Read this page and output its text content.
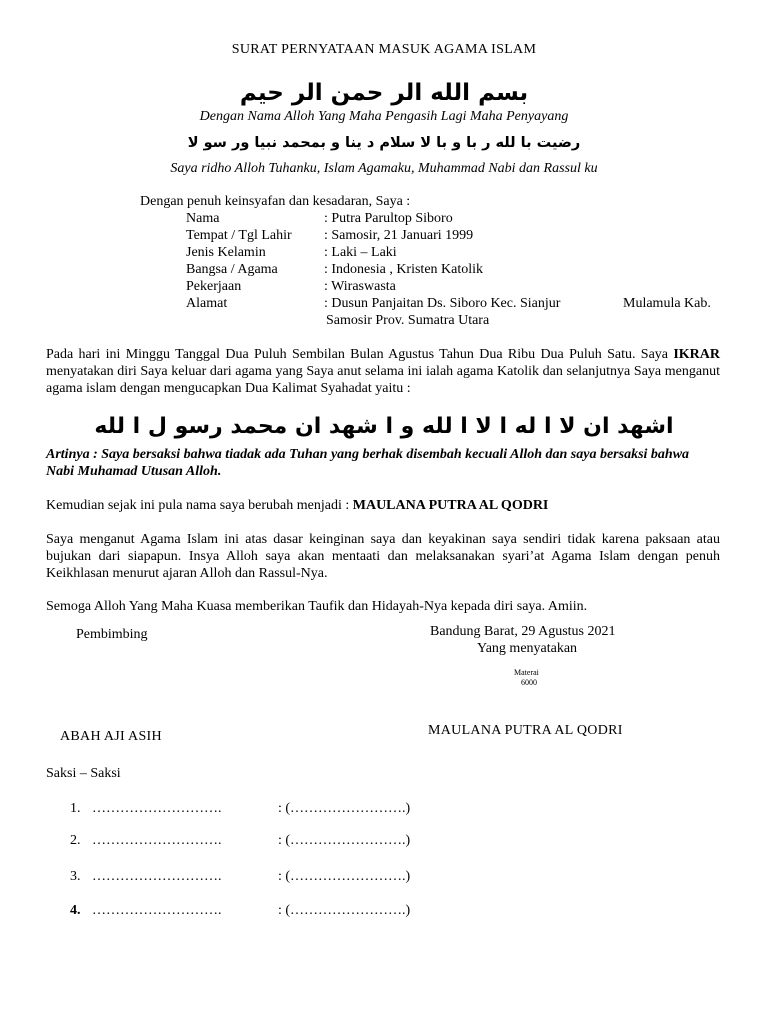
SURAT PERNYATAAN MASUK AGAMA ISLAM
بسم الله الر حمن الر حيم
Dengan Nama Alloh Yang Maha Pengasih Lagi Maha Penyayang
رضيت با لله ر با و با لا سلام د ينا و بمحمد نبيا ور سو لا
Saya ridho Alloh Tuhanku, Islam Agamaku, Muhammad Nabi dan Rassul ku
Dengan penuh keinsyafan dan kesadaran, Saya :
Nama	: Putra Parultop Siboro
Tempat / Tgl Lahir : Samosir, 21 Januari 1999
Jenis Kelamin	: Laki – Laki
Bangsa / Agama	: Indonesia , Kristen Katolik
Pekerjaan	: Wiraswasta
Alamat	: Dusun Panjaitan Ds. Siboro Kec. Sianjur	Mulamula Kab.
Samosir Prov. Sumatra Utara
Pada hari ini Minggu Tanggal Dua Puluh Sembilan Bulan Agustus Tahun Dua Ribu Dua Puluh Satu. Saya IKRAR menyatakan diri Saya keluar dari agama yang Saya anut selama ini ialah agama Katolik dan selanjutnya Saya menganut agama islam dengan mengucapkan Dua Kalimat Syahadat yaitu :
اشهد ان لا ا له ا لا ا لله و ا شهد ان محمد رسو ل ا لله
Artinya : Saya bersaksi bahwa tiadak ada Tuhan yang berhak disembah kecuali Alloh dan saya bersaksi bahwa Nabi Muhamad Utusan Alloh.
Kemudian sejak ini pula nama saya berubah menjadi : MAULANA PUTRA AL QODRI
Saya menganut Agama Islam ini atas dasar keinginan saya dan keyakinan saya sendiri tidak karena paksaan atau bujukan dari siapapun. Insya Alloh saya akan mentaati dan melaksanakan syari’at Agama Islam dengan penuh Keikhlasan menurut ajaran Alloh dan Rassul-Nya.
Semoga Alloh Yang Maha Kuasa memberikan Taufik dan Hidayah-Nya kepada diri saya. Amiin.
Pembimbing	Bandung Barat, 29 Agustus 2021
Yang menyatakan
Materai
6000
ABAH AJI ASIH	MAULANA PUTRA AL QODRI
Saksi – Saksi
1. ……………………….	: (…………………….)
2. ……………………….	: (…………………….)
3. ……………………….	: (…………………….)
4. ……………………….	: (…………………….)
